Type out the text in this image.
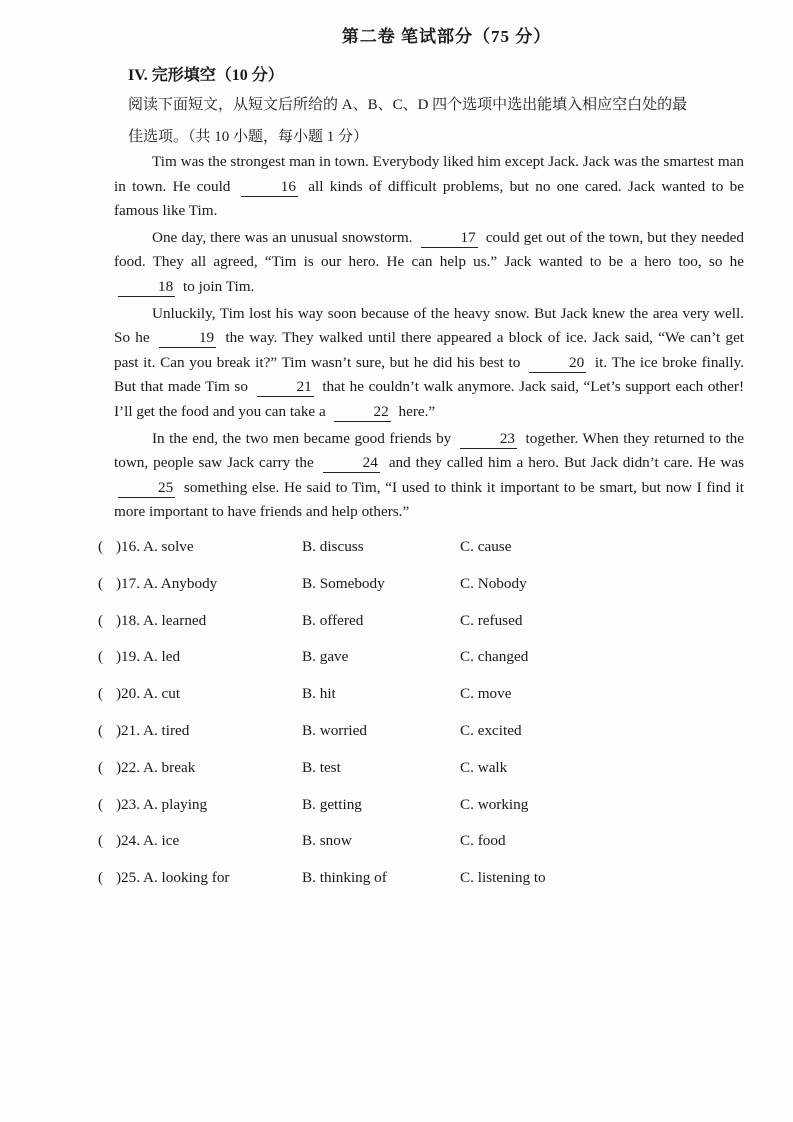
第二卷 笔试部分（75 分）
IV. 完形填空（10 分）
阅读下面短文，从短文后所给的 A、B、C、D 四个选项中选出能填入相应空白处的最
佳选项。（共 10 小题，每小题 1 分）

Tim was the strongest man in town. Everybody liked him except Jack. Jack was the smartest man in town. He could	16 all kinds of difficult problems, but no one cared. Jack wanted to be famous like Tim.

One day, there was an unusual snowstorm.	17 could get out of the town, but they needed food. They all agreed, “Tim is our hero. He can help us.” Jack wanted to be a hero too, so he 18 to join Tim.

Unluckily, Tim lost his way soon because of the heavy snow. But Jack knew the area very well. So he	19 the way. They walked until there appeared a block of ice. Jack said, “We can’t get past it. Can you break it?” Tim wasn’t sure, but he did his best to	20 it. The ice broke finally. But that made Tim so	21 that he couldn’t walk anymore. Jack said, “Let’s support each other! I’ll get the food and you can take a	22 here.”

In the end, the two men became good friends by	23 together. When they returned to the town, people saw Jack carry the	24 and they called him a hero. But Jack didn’t care. He was 25 something else. He said to Tim, “I used to think it important to be smart, but now I find it more important to have friends and help others.”

( )16. A. solve	B. discuss	C. cause
( )17. A. Anybody	B. Somebody	C. Nobody
( )18. A. learned	B. offered	C. refused
( )19. A. led	B. gave	C. changed
( )20. A. cut	B. hit	C. move
( )21. A. tired	B. worried	C. excited
( )22. A. break	B. test	C. walk
( )23. A. playing	B. getting	C. working
( )24. A. ice	B. snow	C. food
( )25. A. looking for	B. thinking of	C. listening to
